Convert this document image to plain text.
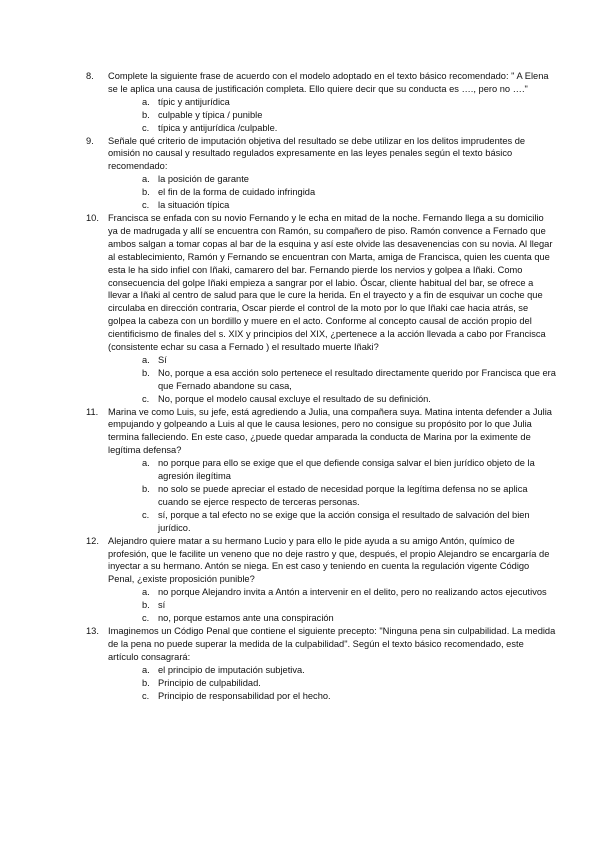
8. Complete la siguiente frase de acuerdo con el modelo adoptado en el texto básico recomendado: " A Elena se le aplica una causa de justificación completa. Ello quiere decir que su conducta es …., pero no …."
a. típic y antijurídica
b. culpable y típica / punible
c. típica y antijurídica /culpable.
9. Señale qué criterio de imputación objetiva del resultado se debe utilizar en los delitos imprudentes de omisión no causal y resultado regulados expresamente en las leyes penales según el texto básico recomendado:
a. la posición de garante
b. el fin de la forma de cuidado infringida
c. la situación típica
10. Francisca se enfada con su novio Fernando y le echa en mitad de la noche. Fernando llega a su domicilio ya de madrugada y allí se encuentra con Ramón, su compañero de piso. Ramón convence a Fernado que ambos salgan a tomar copas al bar de la esquina y así este olvide las desavenencias con su novia. Al llegar al establecimiento, Ramón y Fernando se encuentran con Marta, amiga de Francisca, quien les cuenta que esta le ha sido infiel con Iñaki, camarero del bar. Fernando pierde los nervios y golpea a Iñaki. Como consecuencia del golpe Iñaki empieza a sangrar por el labio. Óscar, cliente habitual del bar, se ofrece a llevar a Iñaki al centro de salud para que le cure la herida. En el trayecto y a fin de esquivar un coche que circulaba en dirección contraria, Oscar pierde el control de la moto por lo que Iñaki cae hacia atrás, se golpea la cabeza con un bordillo y muere en el acto. Conforme al concepto causal de acción propio del cientificismo de finales del s. XIX y principios del XIX, ¿pertenece a la acción llevada a cabo por Francisca (consistente echar su casa a Fernado ) el resultado muerte Iñaki?
a. Sí
b. No, porque a esa acción solo pertenece el resultado directamente querido por Francisca que era que Fernado abandone su casa,
c. No, porque el modelo causal excluye el resultado de su definición.
11. Marina ve como Luis, su jefe, está agrediendo a Julia, una compañera suya. Matina intenta defender a Julia empujando y golpeando a Luis al que le causa lesiones, pero no consigue su propósito por lo que Julia termina falleciendo. En este caso, ¿puede quedar amparada la conducta de Marina por la eximente de legítima defensa?
a. no porque para ello se exige que el que defiende consiga salvar el bien jurídico objeto de la agresión ilegítima
b. no solo se puede apreciar el estado de necesidad porque la legítima defensa no se aplica cuando se ejerce respecto de terceras personas.
c. sí, porque a tal efecto no se exige que la acción consiga el resultado de salvación del bien jurídico.
12. Alejandro quiere matar a su hermano Lucio y para ello le pide ayuda a su amigo Antón, químico de profesión, que le facilite un veneno que no deje rastro y que, después, el propio Alejandro se encargaría de inyectar a su hermano. Antón se niega. En est caso y teniendo en cuenta la regulación vigente Código Penal, ¿existe proposición punible?
a. no porque Alejandro invita a Antón a intervenir en el delito, pero no realizando actos ejecutivos
b. sí
c. no, porque estamos ante una conspiración
13. Imaginemos un Código Penal que contiene el siguiente precepto: "Ninguna pena sin culpabilidad. La medida de la pena no puede superar la medida de la culpabilidad". Según el texto básico recomendado, este artículo consagrará:
a. el principio de imputación subjetiva.
b. Principio de culpabilidad.
c. Principio de responsabilidad por el hecho.
